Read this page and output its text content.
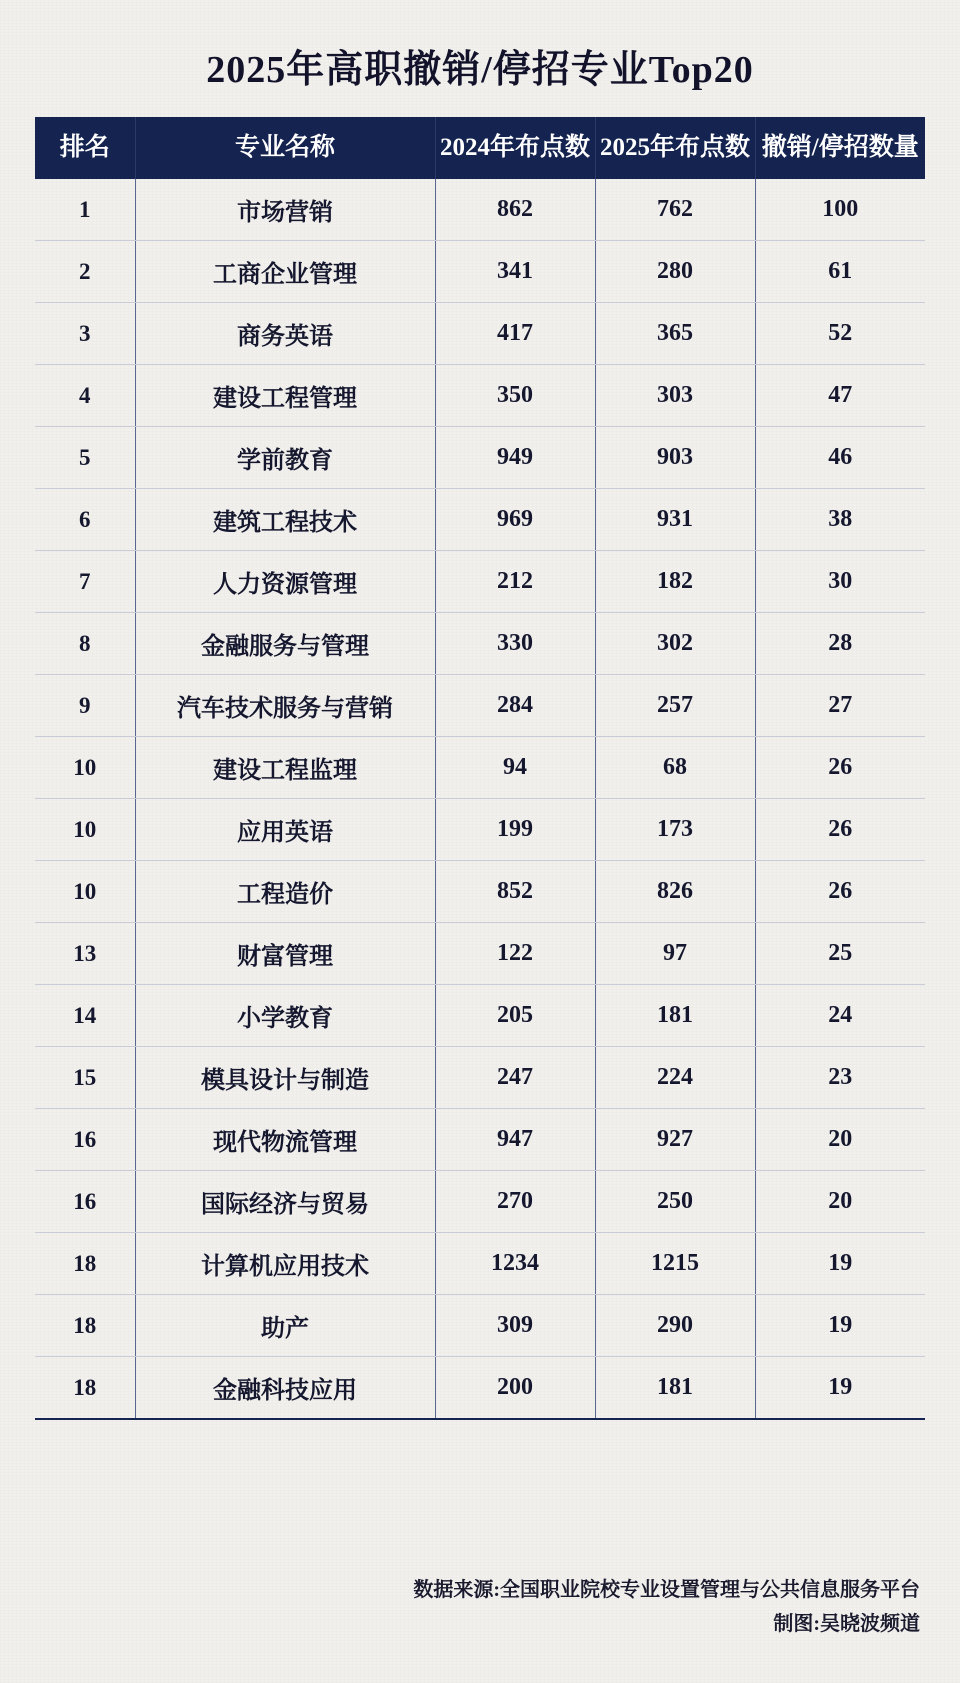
2025年高职撤销/停招专业Top20
排名	专业名称	2024年布点数	2025年布点数	撤销/停招数量
1	市场营销	862	762	100
2	工商企业管理	341	280	61
3	商务英语	417	365	52
4	建设工程管理	350	303	47
5	学前教育	949	903	46
6	建筑工程技术	969	931	38
7	人力资源管理	212	182	30
8	金融服务与管理	330	302	28
9	汽车技术服务与营销	284	257	27
10	建设工程监理	94	68	26
10	应用英语	199	173	26
10	工程造价	852	826	26
13	财富管理	122	97	25
14	小学教育	205	181	24
15	模具设计与制造	247	224	23
16	现代物流管理	947	927	20
16	国际经济与贸易	270	250	20
18	计算机应用技术	1234	1215	19
18	助产	309	290	19
18	金融科技应用	200	181	19
数据来源:全国职业院校专业设置管理与公共信息服务平台
制图:吴晓波频道
